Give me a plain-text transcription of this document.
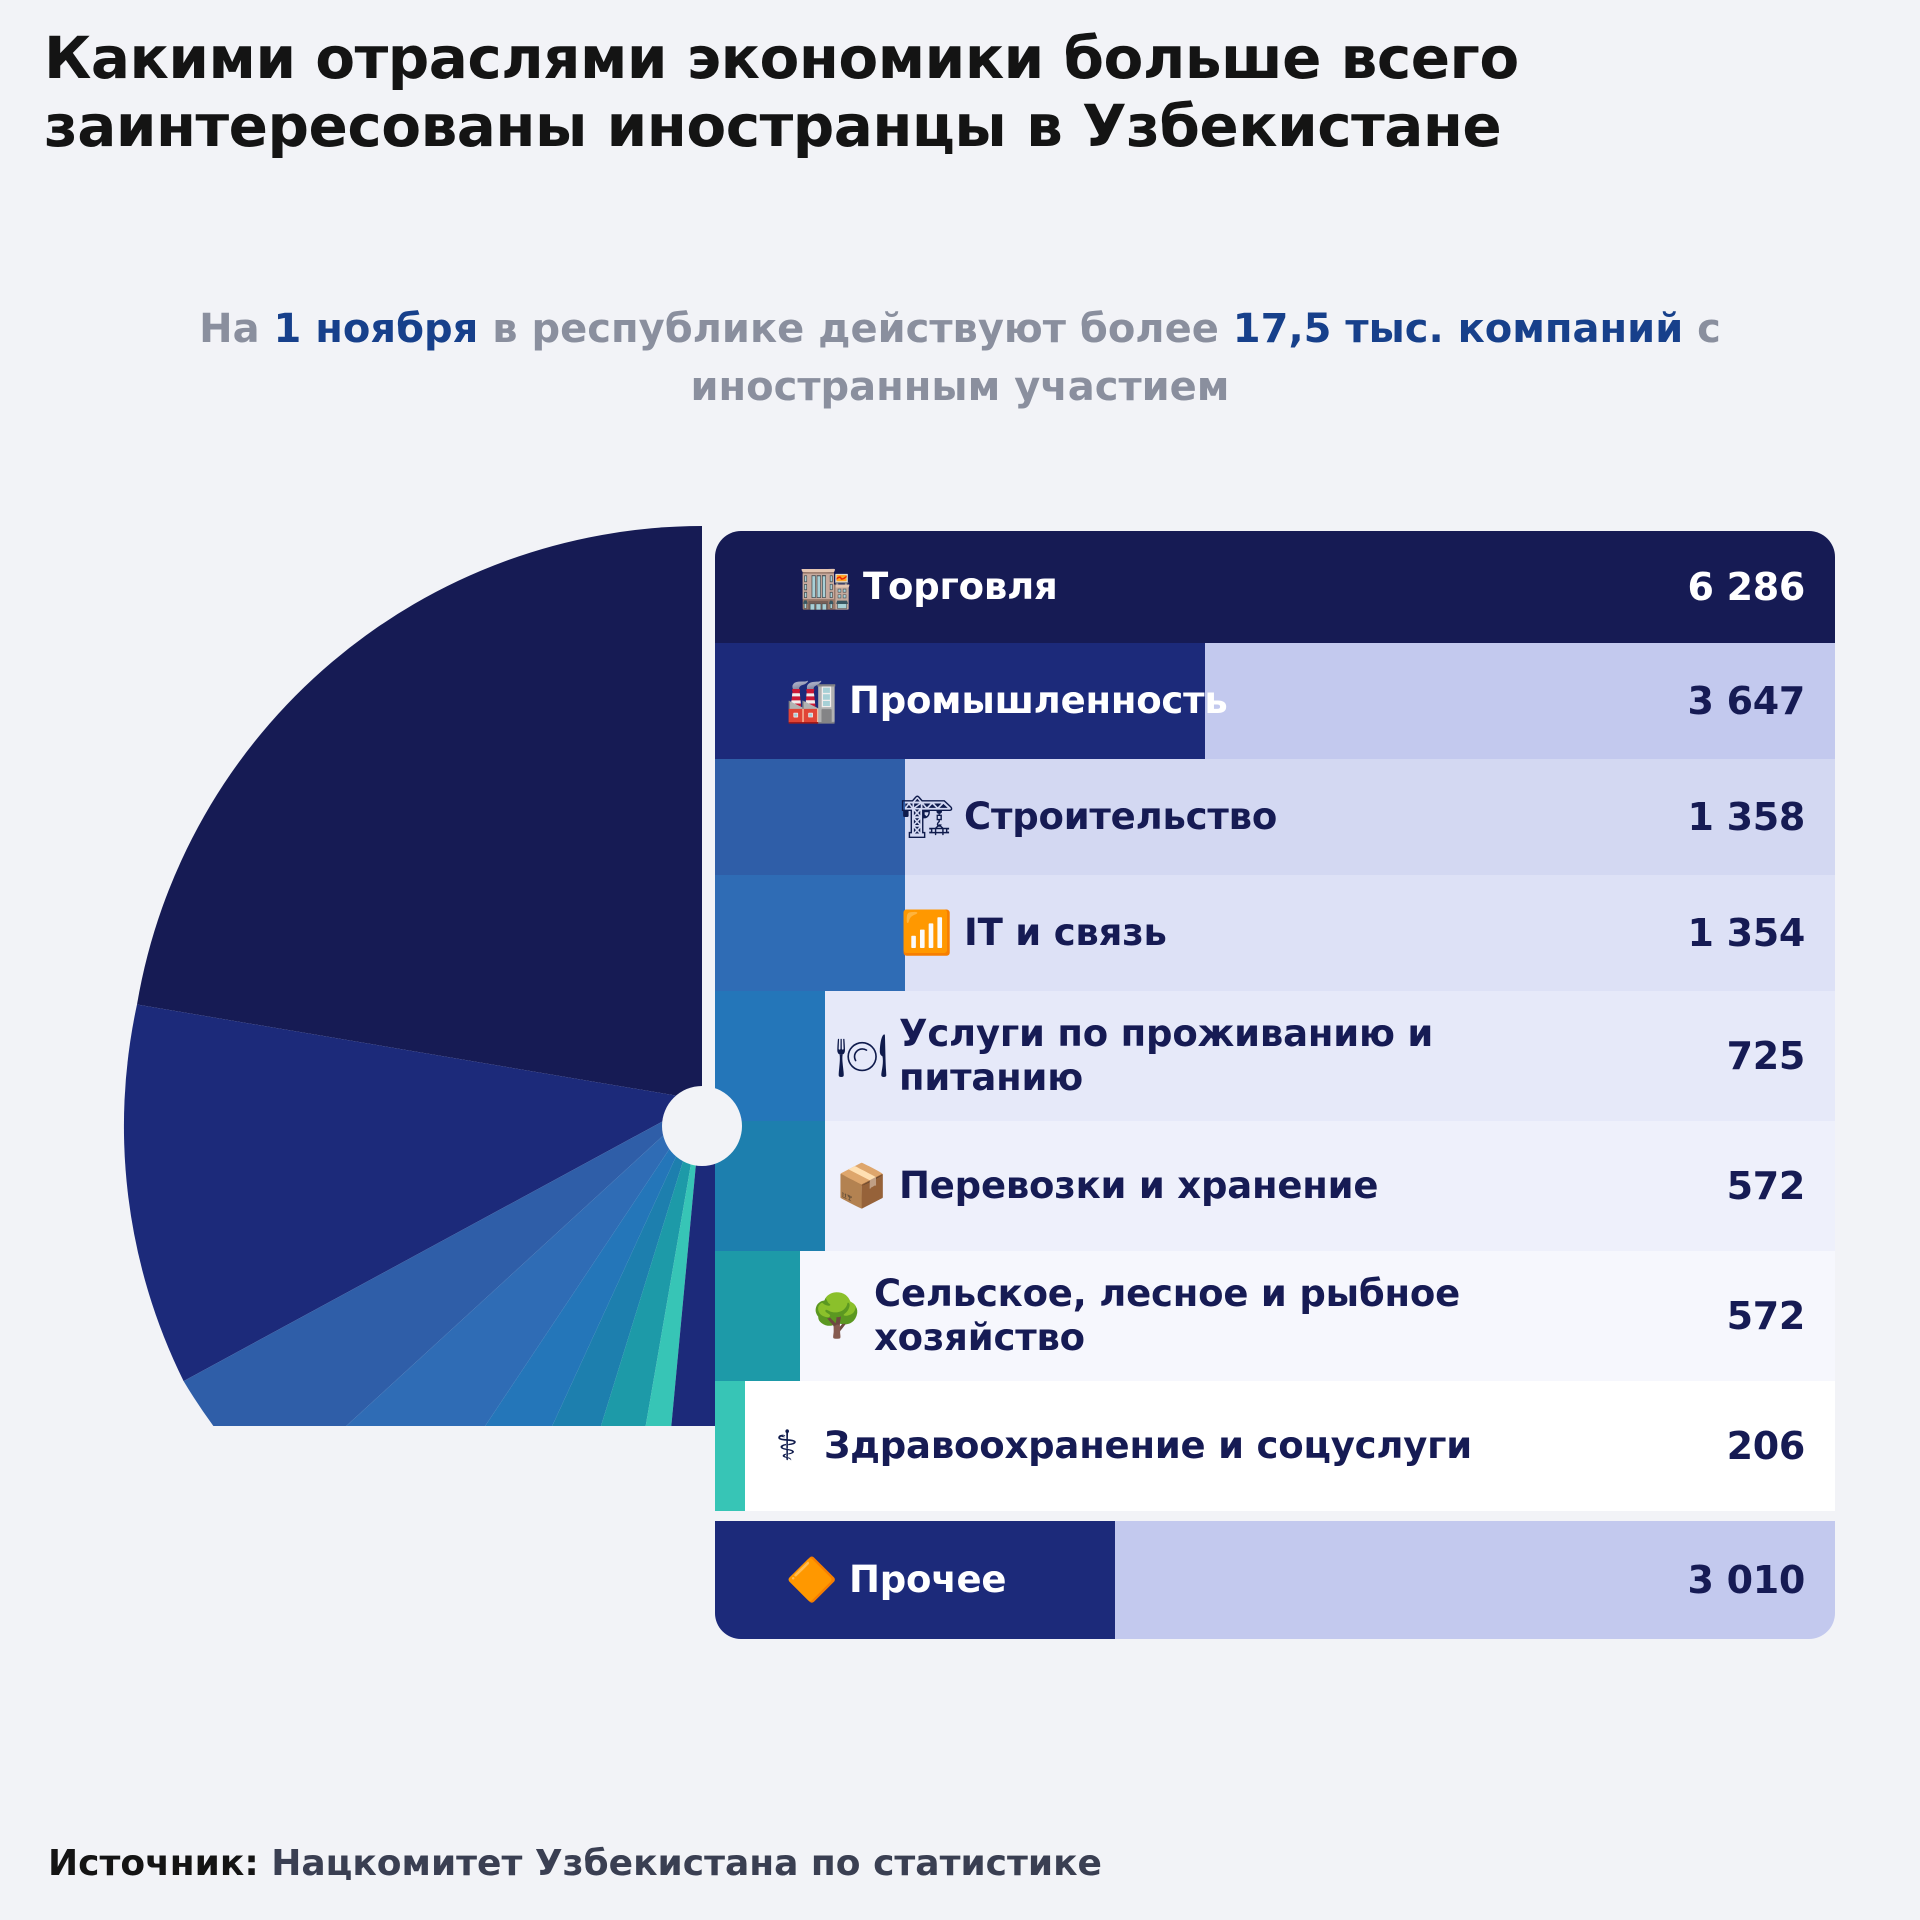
Какими отраслями экономики больше всего заинтересованы иностранцы в Узбекистане
На 1 ноября в республике действуют более 17,5 тыс. компаний с иностранным участием
🏬 Торговля	6 286
🏭 Промышленность	3 647
🏗 Строительство	1 358
📶 IT и связь	1 354
🍽 Услуги по проживанию и питанию	725
📦 Перевозки и хранение	572
🌳 Сельское, лесное и рыбное хозяйство	572
⚕ Здравоохранение и соцуслуги	206
🔶 Прочее	3 010
Источник: Нацкомитет Узбекистана по статистике
